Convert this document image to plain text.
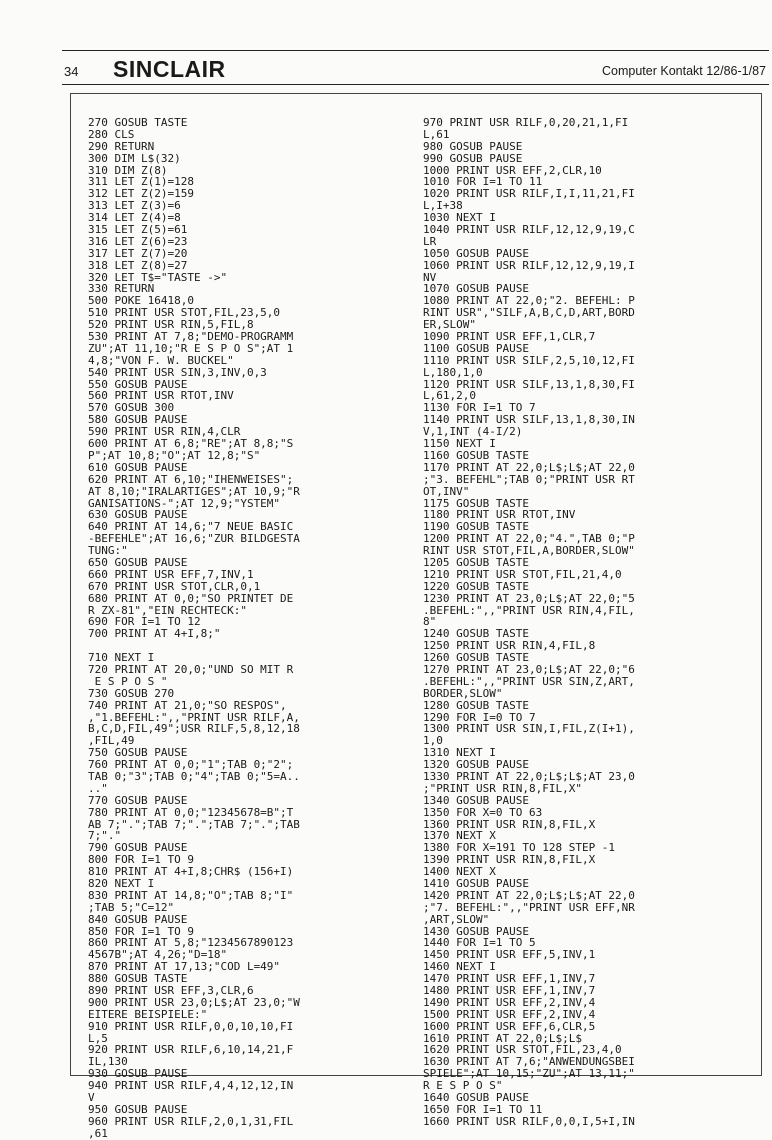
34 SINCLAIR	Computer Kontakt 12/86-1/87
270 GOSUB TASTE
280 CLS
290 RETURN
300 DIM L$(32)
310 DIM Z(8)
311 LET Z(1)=128
312 LET Z(2)=159
313 LET Z(3)=6
314 LET Z(4)=8
315 LET Z(5)=61
316 LET Z(6)=23
317 LET Z(7)=20
318 LET Z(8)=27
320 LET T$="TASTE ->"
330 RETURN
500 POKE 16418,0
510 PRINT USR STOT,FIL,23,5,0
520 PRINT USR RIN,5,FIL,8
530 PRINT AT 7,8;"DEMO-PROGRAMM
ZU";AT 11,10;"R E S P O S";AT 1
4,8;"VON F. W. BUCKEL"
540 PRINT USR SIN,3,INV,0,3
550 GOSUB PAUSE
560 PRINT USR RTOT,INV
570 GOSUB 300
580 GOSUB PAUSE
590 PRINT USR RIN,4,CLR
600 PRINT AT 6,8;"RE";AT 8,8;"S
P";AT 10,8;"O";AT 12,8;"S"
610 GOSUB PAUSE
620 PRINT AT 6,10;"IHENWEISES";
AT 8,10;"IRALARTIGES";AT 10,9;"R
GANISATIONS-";AT 12,9;"YSTEM"
630 GOSUB PAUSE
640 PRINT AT 14,6;"7 NEUE BASIC
-BEFEHLE";AT 16,6;"ZUR BILDGESTA
TUNG:"
650 GOSUB PAUSE
660 PRINT USR EFF,7,INV,1
670 PRINT USR STOT,CLR,0,1
680 PRINT AT 0,0;"SO PRINTET DE
R ZX-81","EIN RECHTECK:"
690 FOR I=1 TO 12
700 PRINT AT 4+I,8;"
710 NEXT I
720 PRINT AT 20,0;"UND SO MIT R
E S P O S "
730 GOSUB 270
740 PRINT AT 21,0;"SO RESPOS",
,"1.BEFEHL:",,"PRINT USR RILF,A,
B,C,D,FIL,49";USR RILF,5,8,12,18
,FIL,49
750 GOSUB PAUSE
760 PRINT AT 0,0;"1";TAB 0;"2";
TAB 0;"3";TAB 0;"4";TAB 0;"5=A..
.."
770 GOSUB PAUSE
780 PRINT AT 0,0;"12345678=B";T
AB 7;".";TAB 7;".";TAB 7;".";TAB
7;"."
790 GOSUB PAUSE
800 FOR I=1 TO 9
810 PRINT AT 4+I,8;CHR$ (156+I)
820 NEXT I
830 PRINT AT 14,8;"O";TAB 8;"I"
;TAB 5;"C=12"
840 GOSUB PAUSE
850 FOR I=1 TO 9
860 PRINT AT 5,8;"1234567890123
4567B";AT 4,26;"D=18"
870 PRINT AT 17,13;"COD L=49"
880 GOSUB TASTE
890 PRINT USR EFF,3,CLR,6
900 PRINT USR 23,0;L$;AT 23,0;"W
EITERE BEISPIELE:"
910 PRINT USR RILF,0,0,10,10,FI
L,5
920 PRINT USR RILF,6,10,14,21,F
IL,130
930 GOSUB PAUSE
940 PRINT USR RILF,4,4,12,12,IN
V
950 GOSUB PAUSE
960 PRINT USR RILF,2,0,1,31,FIL
,61
970 PRINT USR RILF,0,20,21,1,FI
L,61
980 GOSUB PAUSE
990 GOSUB PAUSE
1000 PRINT USR EFF,2,CLR,10
1010 FOR I=1 TO 11
1020 PRINT USR RILF,I,I,11,21,FI
L,I+38
1030 NEXT I
1040 PRINT USR RILF,12,12,9,19,C
LR
1050 GOSUB PAUSE
1060 PRINT USR RILF,12,12,9,19,I
NV
1070 GOSUB PAUSE
1080 PRINT AT 22,0;"2. BEFEHL: P
RINT USR","SILF,A,B,C,D,ART,BORD
ER,SLOW"
1090 PRINT USR EFF,1,CLR,7
1100 GOSUB PAUSE
1110 PRINT USR SILF,2,5,10,12,FI
L,180,1,0
1120 PRINT USR SILF,13,1,8,30,FI
L,61,2,0
1130 FOR I=1 TO 7
1140 PRINT USR SILF,13,1,8,30,IN
V,1,INT (4-I/2)
1150 NEXT I
1160 GOSUB TASTE
1170 PRINT AT 22,0;L$;L$;AT 22,0
;"3. BEFEHL";TAB 0;"PRINT USR RT
OT,INV"
1175 GOSUB TASTE
1180 PRINT USR RTOT,INV
1190 GOSUB TASTE
1200 PRINT AT 22,0;"4.",TAB 0;"P
RINT USR STOT,FIL,A,BORDER,SLOW"
1205 GOSUB TASTE
1210 PRINT USR STOT,FIL,21,4,0
1220 GOSUB TASTE
1230 PRINT AT 23,0;L$;AT 22,0;"5
.BEFEHL:",,"PRINT USR RIN,4,FIL,
8"
1240 GOSUB TASTE
1250 PRINT USR RIN,4,FIL,8
1260 GOSUB TASTE
1270 PRINT AT 23,0;L$;AT 22,0;"6
.BEFEHL:",,"PRINT USR SIN,Z,ART,
BORDER,SLOW"
1280 GOSUB TASTE
1290 FOR I=0 TO 7
1300 PRINT USR SIN,I,FIL,Z(I+1),
1,0
1310 NEXT I
1320 GOSUB PAUSE
1330 PRINT AT 22,0;L$;L$;AT 23,0
;"PRINT USR RIN,8,FIL,X"
1340 GOSUB PAUSE
1350 FOR X=0 TO 63
1360 PRINT USR RIN,8,FIL,X
1370 NEXT X
1380 FOR X=191 TO 128 STEP -1
1390 PRINT USR RIN,8,FIL,X
1400 NEXT X
1410 GOSUB PAUSE
1420 PRINT AT 22,0;L$;L$;AT 22,0
;"7. BEFEHL:",,"PRINT USR EFF,NR
,ART,SLOW"
1430 GOSUB PAUSE
1440 FOR I=1 TO 5
1450 PRINT USR EFF,5,INV,1
1460 NEXT I
1470 PRINT USR EFF,1,INV,7
1480 PRINT USR EFF,1,INV,7
1490 PRINT USR EFF,2,INV,4
1500 PRINT USR EFF,2,INV,4
1600 PRINT USR EFF,6,CLR,5
1610 PRINT AT 22,0;L$;L$
1620 PRINT USR STOT,FIL,23,4,0
1630 PRINT AT 7,6;"ANWENDUNGSBEI
SPIELE";AT 10,15;"ZU";AT 13,11;"
R E S P O S"
1640 GOSUB PAUSE
1650 FOR I=1 TO 11
1660 PRINT USR RILF,0,0,I,5+I,IN
